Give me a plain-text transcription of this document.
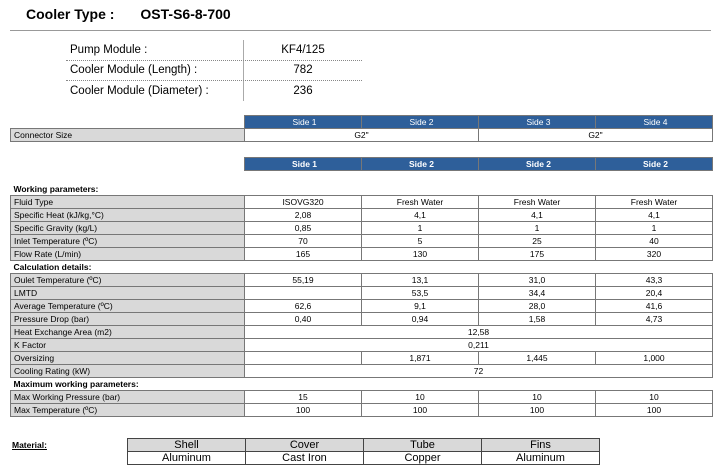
Cooler Type : OST-S6-8-700
Pump Module :	KF4/125
Cooler Module (Length) :	782
Cooler Module (Diameter) :	236
	Side 1	Side 2	Side 3	Side 4
Connector Size	G2"		G2"	
	Side 1	Side 2	Side 2	Side 2

Working parameters:				
Fluid Type	ISOVG320	Fresh Water	Fresh Water	Fresh Water
Specific Heat (kJ/kg,°C)	2,08	4,1	4,1	4,1
Specific Gravity (kg/L)	0,85	1	1	1
Inlet Temperature (ºC)	70	5	25	40
Flow Rate (L/min)	165	130	175	320
Calculation details:				
Oulet Temperature (ºC)	55,19	13,1	31,0	43,3
LMTD		53,5	34,4	20,4
Average Temperature (ºC)	62,6	9,1	28,0	41,6
Pressure Drop (bar)	0,40	0,94	1,58	4,73
Heat Exchange Area (m2)	12,58			
K Factor	0,211			
Oversizing		1,871	1,445	1,000
Cooling Rating (kW)	72			
Maximum working parameters:				
Max Working Pressure (bar)	15	10	10	10
Max Temperature (ºC)	100	100	100	100
Material:	Shell	Cover	Tube	Fins
Aluminum	Cast Iron	Copper	Aluminum
